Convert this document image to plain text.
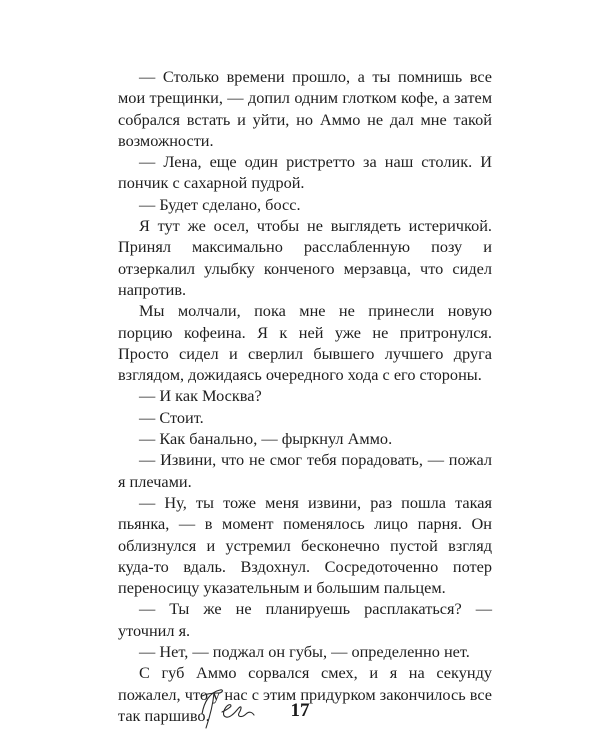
— Столько времени прошло, а ты помнишь все мои трещинки, — допил одним глотком кофе, а затем собрался встать и уйти, но Аммо не дал мне такой возможности.

— Лена, еще один ристретто за наш столик. И пончик с сахарной пудрой.

— Будет сделано, босс.

Я тут же осел, чтобы не выглядеть истеричкой. Принял максимально расслабленную позу и отзеркалил улыбку конченого мерзавца, что сидел напротив.

Мы молчали, пока мне не принесли новую порцию кофеина. Я к ней уже не притронулся. Просто сидел и сверлил бывшего лучшего друга взглядом, дожидаясь очередного хода с его стороны.

— И как Москва?

— Стоит.

— Как банально, — фыркнул Аммо.

— Извини, что не смог тебя порадовать, — пожал я плечами.

— Ну, ты тоже меня извини, раз пошла такая пьянка, — в момент поменялось лицо парня. Он облизнулся и устремил бесконечно пустой взгляд куда-то вдаль. Вздохнул. Сосредоточенно потер переносицу указательным и большим пальцем.

— Ты же не планируешь расплакаться? — уточнил я.

— Нет, — поджал он губы, — определенно нет.

С губ Аммо сорвался смех, и я на секунду пожалел, что у нас с этим придурком закончилось все так паршиво.	17
